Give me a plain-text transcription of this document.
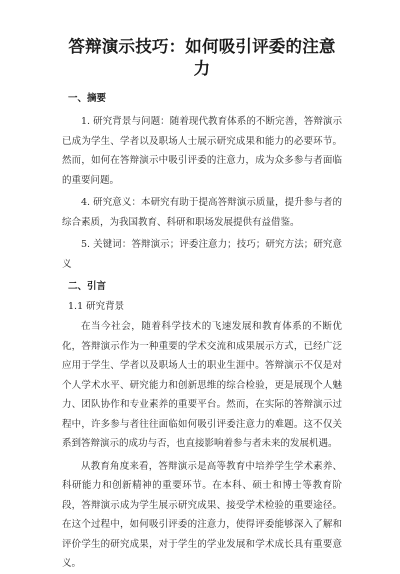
答辩演示技巧：如何吸引评委的注意力
一、摘要

1. 研究背景与问题：随着现代教育体系的不断完善，答辩演示已成为学生、学者以及职场人士展示研究成果和能力的必要环节。然而，如何在答辩演示中吸引评委的注意力，成为众多参与者面临的重要问题。

4. 研究意义：本研究有助于提高答辩演示质量，提升参与者的综合素质，为我国教育、科研和职场发展提供有益借鉴。

5. 关键词：答辩演示；评委注意力；技巧；研究方法；研究意义

二、引言
1.1 研究背景

在当今社会，随着科学技术的飞速发展和教育体系的不断优化，答辩演示作为一种重要的学术交流和成果展示方式，已经广泛应用于学生、学者以及职场人士的职业生涯中。答辩演示不仅是对个人学术水平、研究能力和创新思维的综合检验，更是展现个人魅力、团队协作和专业素养的重要平台。然而，在实际的答辩演示过程中，许多参与者往往面临如何吸引评委注意力的难题。这不仅关系到答辩演示的成功与否，也直接影响着参与者未来的发展机遇。

从教育角度来看，答辩演示是高等教育中培养学生学术素养、科研能力和创新精神的重要环节。在本科、硕士和博士等教育阶段，答辩演示成为学生展示研究成果、接受学术检验的重要途径。在这个过程中，如何吸引评委的注意力，使得评委能够深入了解和评价学生的研究成果，对于学生的学业发展和学术成长具有重要意义。
